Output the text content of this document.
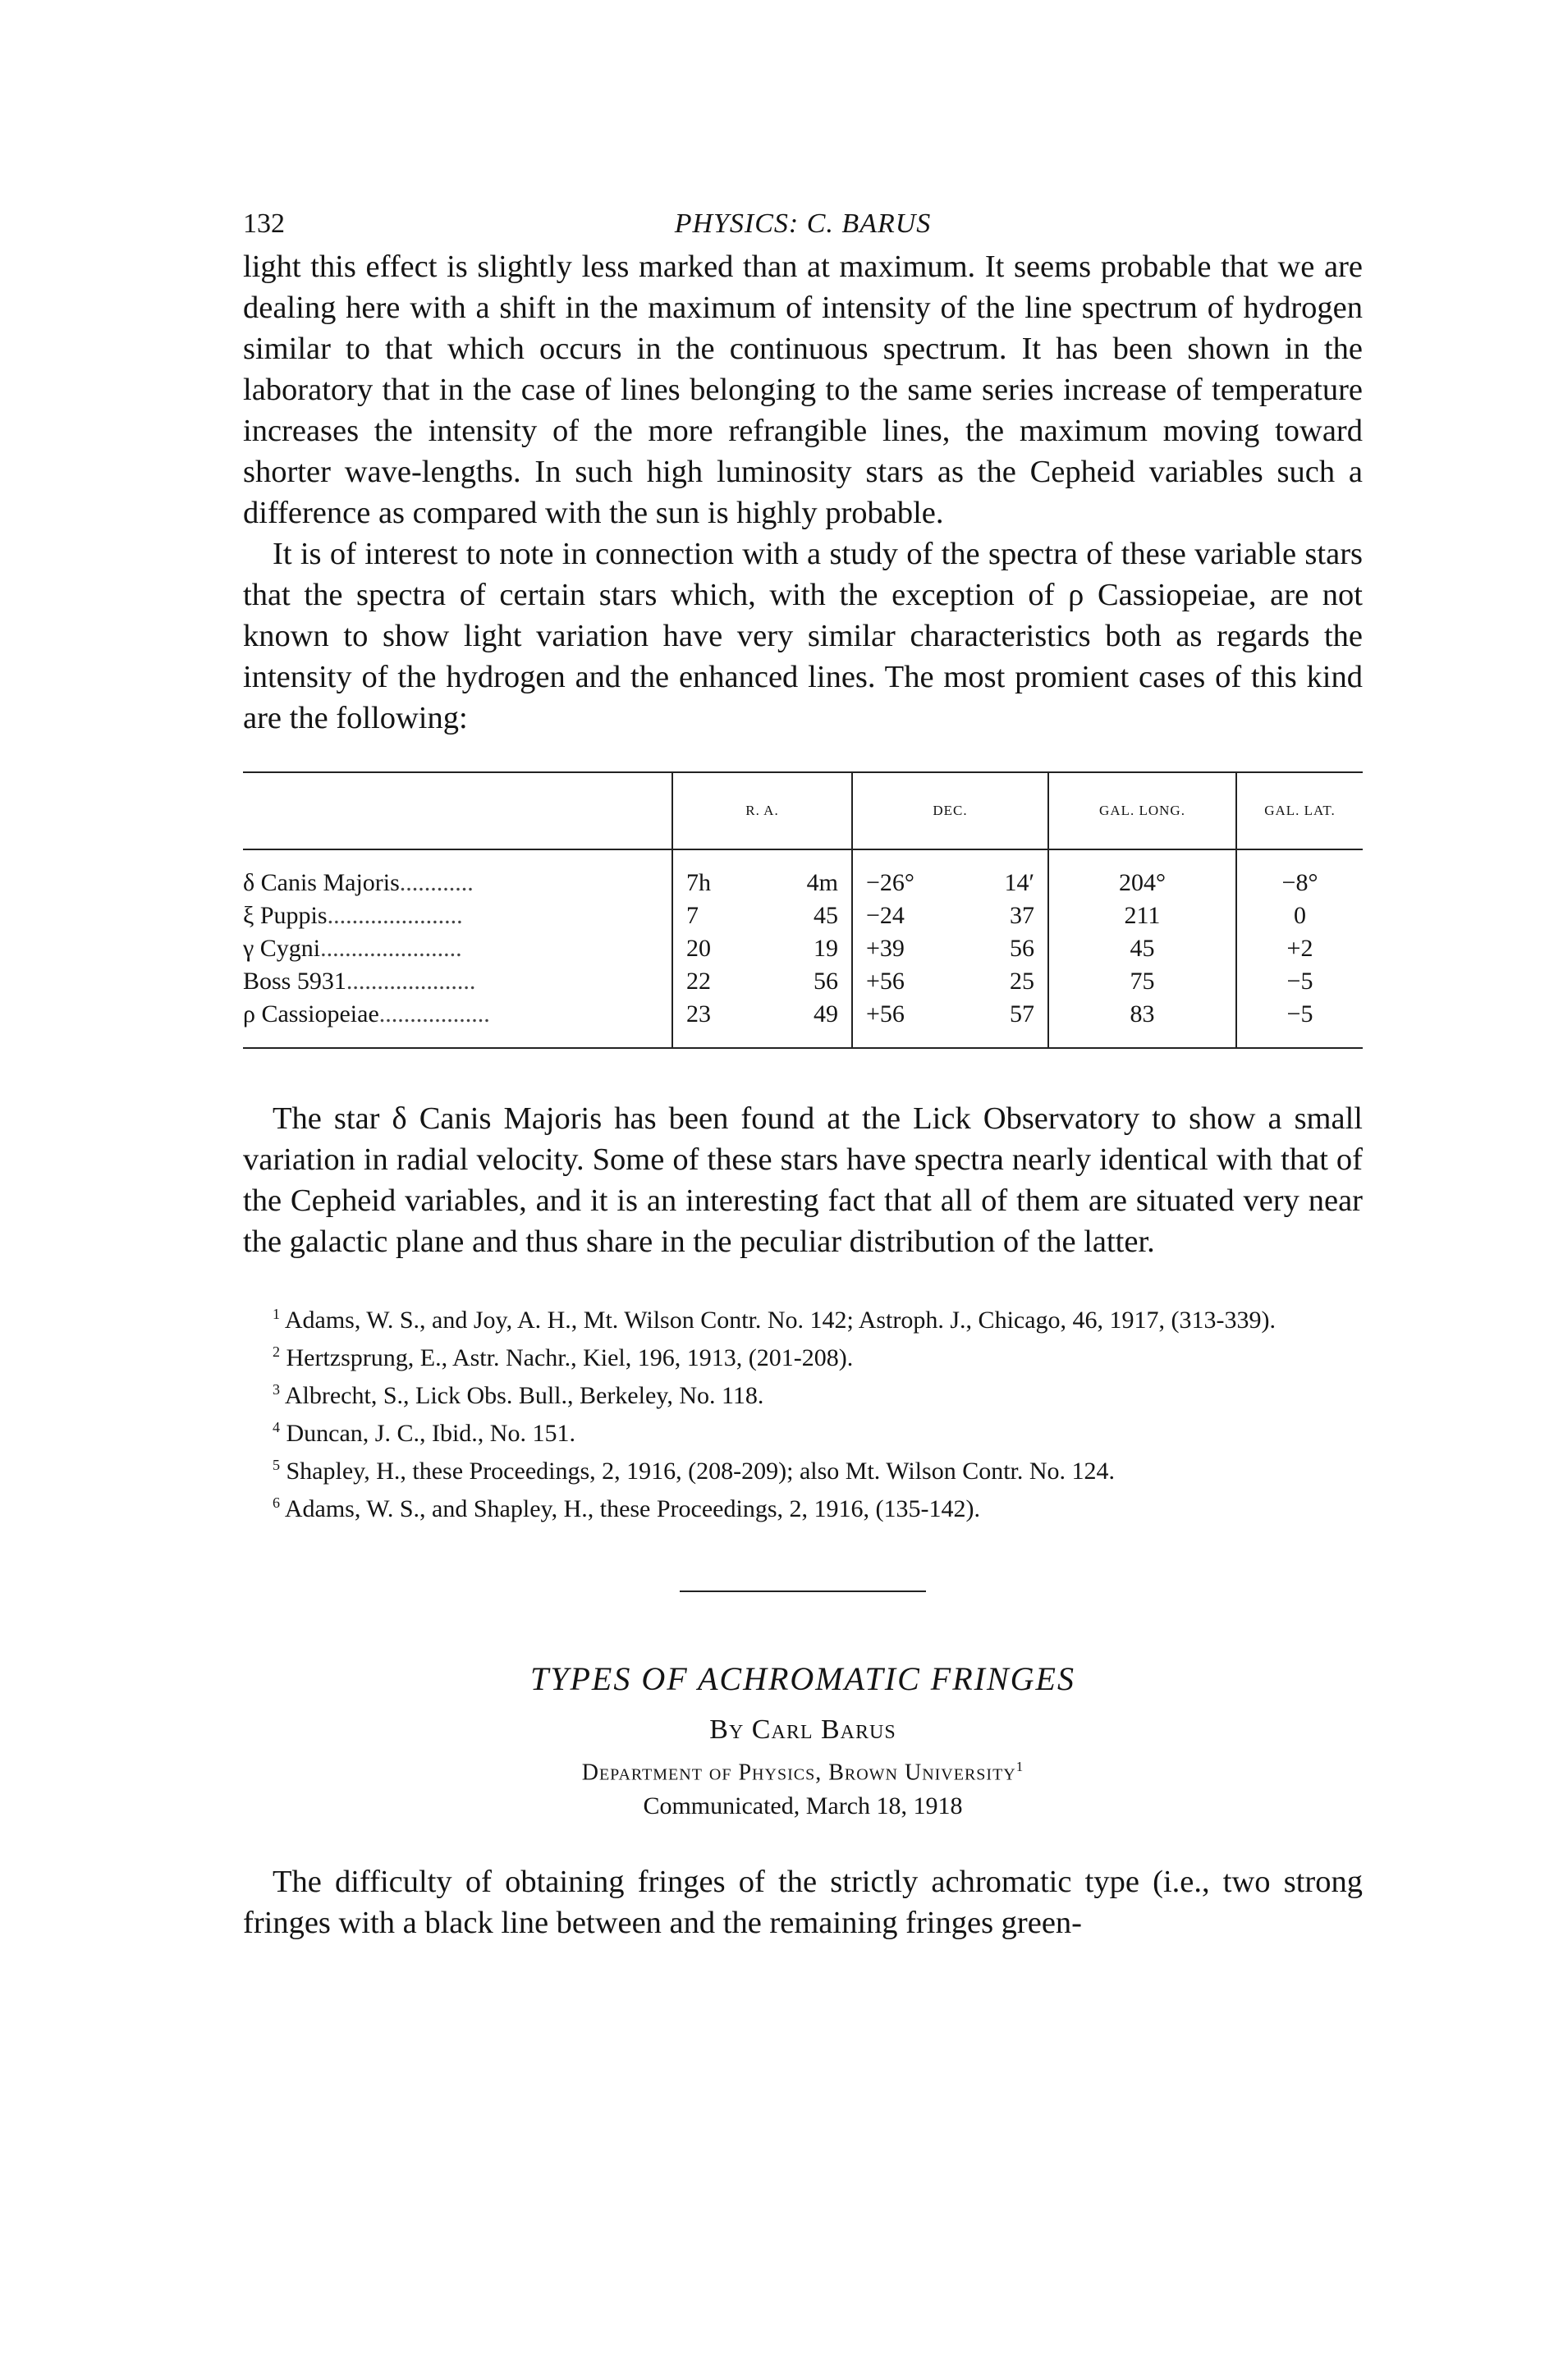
132	PHYSICS: C. BARUS

light this effect is slightly less marked than at maximum. It seems probable that we are dealing here with a shift in the maximum of intensity of the line spectrum of hydrogen similar to that which occurs in the continuous spectrum. It has been shown in the laboratory that in the case of lines belonging to the same series increase of temperature increases the intensity of the more refrangible lines, the maximum moving toward shorter wave-lengths. In such high luminosity stars as the Cepheid variables such a difference as compared with the sun is highly probable.

It is of interest to note in connection with a study of the spectra of these variable stars that the spectra of certain stars which, with the exception of ρ Cassiopeiae, are not known to show light variation have very similar characteristics both as regards the intensity of the hydrogen and the enhanced lines. The most promient cases of this kind are the following:

	R. A.	DEC.	GAL. LONG.	GAL. LAT.
δ Canis Majoris............	7h 4m	−26° 14′	204°	−8°
ξ Puppis......................	7 45	−24 37	211	0
γ Cygni.......................	20 19	+39 56	45	+2
Boss 5931.....................	22 56	+56 25	75	−5
ρ Cassiopeiae..................	23 49	+56 57	83	−5

The star δ Canis Majoris has been found at the Lick Observatory to show a small variation in radial velocity. Some of these stars have spectra nearly identical with that of the Cepheid variables, and it is an interesting fact that all of them are situated very near the galactic plane and thus share in the peculiar distribution of the latter.

$^1$ Adams, W. S., and Joy, A. H., Mt. Wilson Contr. No. 142; Astroph. J., Chicago, 46, 1917, (313-339).

$^2$ Hertzsprung, E., Astr. Nachr., Kiel, 196, 1913, (201-208).

$^3$ Albrecht, S., Lick Obs. Bull., Berkeley, No. 118.

$^4$ Duncan, J. C., Ibid., No. 151.

$^5$ Shapley, H., these Proceedings, 2, 1916, (208-209); also Mt. Wilson Contr. No. 124.

$^6$ Adams, W. S., and Shapley, H., these Proceedings, 2, 1916, (135-142).

TYPES OF ACHROMATIC FRINGES
By Carl Barus
Department of Physics, Brown University$^1$
Communicated, March 18, 1918

The difficulty of obtaining fringes of the strictly achromatic type (i.e., two strong fringes with a black line between and the remaining fringes green-
